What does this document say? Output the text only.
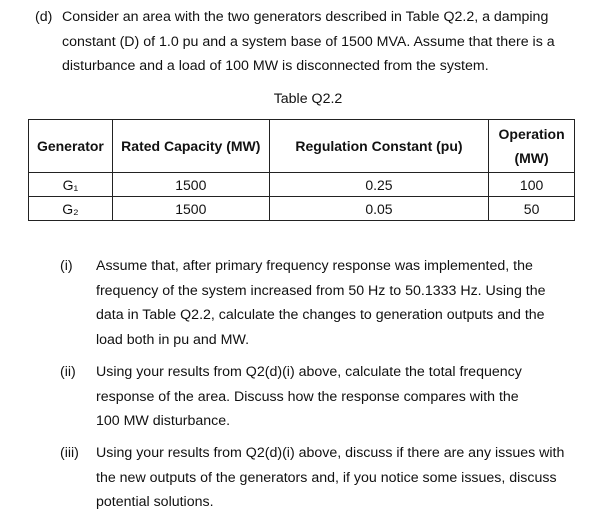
(d) Consider an area with the two generators described in Table Q2.2, a damping
constant (D) of 1.0 pu and a system base of 1500 MVA. Assume that there is a
disturbance and a load of 100 MW is disconnected from the system.
Table Q2.2
Generator	Rated Capacity (MW)	Regulation Constant (pu)	Operation
(MW)

G₁	1500	0.25	100
G₂	1500	0.05	50
(i) Assume that, after primary frequency response was implemented, the
frequency of the system increased from 50 Hz to 50.1333 Hz. Using the
data in Table Q2.2, calculate the changes to generation outputs and the
load both in pu and MW.
(ii) Using your results from Q2(d)(i) above, calculate the total frequency
response of the area. Discuss how the response compares with the
100 MW disturbance.
(iii) Using your results from Q2(d)(i) above, discuss if there are any issues with
the new outputs of the generators and, if you notice some issues, discuss
potential solutions.
